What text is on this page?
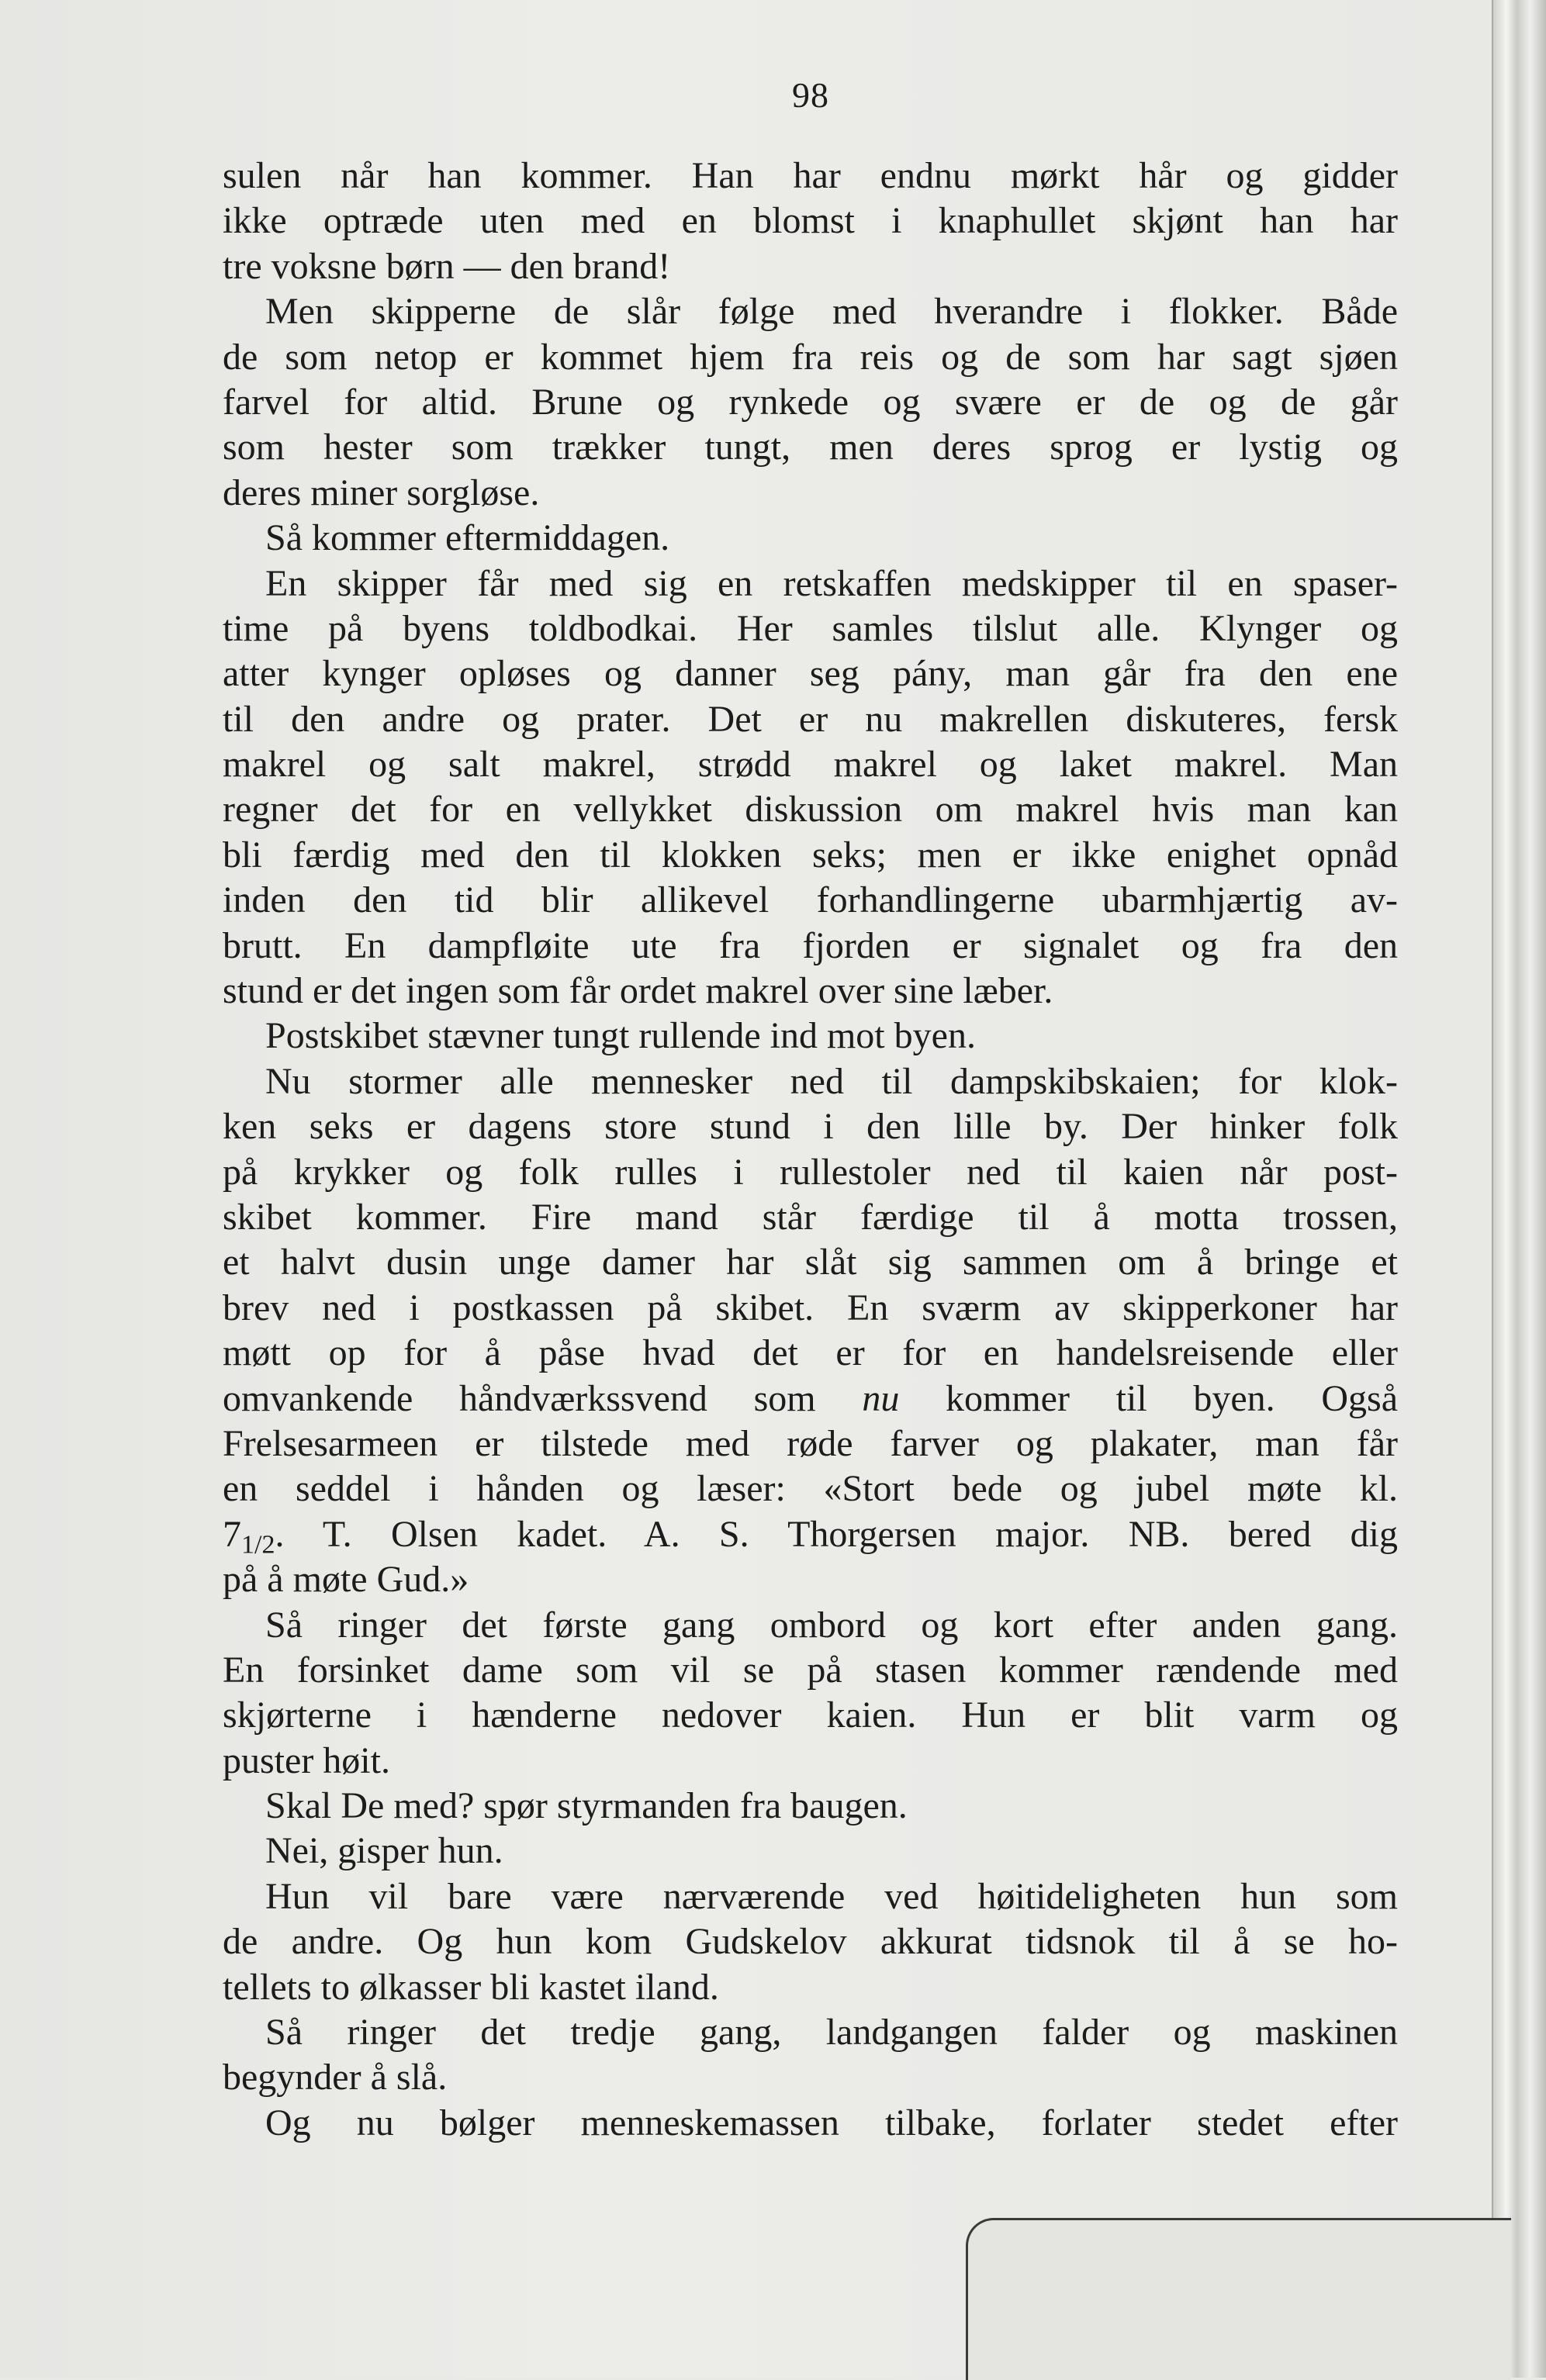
98
sulen når han kommer. Han har endnu mørkt hår og gidder
ikke optræde uten med en blomst i knaphullet skjønt han har
tre voksne børn — den brand!
Men skipperne de slår følge med hverandre i flokker. Både
de som netop er kommet hjem fra reis og de som har sagt sjøen
farvel for altid. Brune og rynkede og svære er de og de går
som hester som trækker tungt, men deres sprog er lystig og
deres miner sorgløse.
Så kommer eftermiddagen.
En skipper får med sig en retskaffen medskipper til en spaser-
time på byens toldbodkai. Her samles tilslut alle. Klynger og
atter kynger opløses og danner seg pány, man går fra den ene
til den andre og prater. Det er nu makrellen diskuteres, fersk
makrel og salt makrel, strødd makrel og laket makrel. Man
regner det for en vellykket diskussion om makrel hvis man kan
bli færdig med den til klokken seks; men er ikke enighet opnåd
inden den tid blir allikevel forhandlingerne ubarmhjærtig av-
brutt. En dampfløite ute fra fjorden er signalet og fra den
stund er det ingen som får ordet makrel over sine læber.
Postskibet stævner tungt rullende ind mot byen.
Nu stormer alle mennesker ned til dampskibskaien; for klok-
ken seks er dagens store stund i den lille by. Der hinker folk
på krykker og folk rulles i rullestoler ned til kaien når post-
skibet kommer. Fire mand står færdige til å motta trossen,
et halvt dusin unge damer har slåt sig sammen om å bringe et
brev ned i postkassen på skibet. En sværm av skipperkoner har
møtt op for å påse hvad det er for en handelsreisende eller
omvankende håndværkssvend som nu kommer til byen. Også
Frelsesarmeen er tilstede med røde farver og plakater, man får
en seddel i hånden og læser: «Stort bede og jubel møte kl.
71/2. T. Olsen kadet. A. S. Thorgersen major. NB. bered dig
på å møte Gud.»
Så ringer det første gang ombord og kort efter anden gang.
En forsinket dame som vil se på stasen kommer rændende med
skjørterne i hænderne nedover kaien. Hun er blit varm og
puster høit.
Skal De med? spør styrmanden fra baugen.
Nei, gisper hun.
Hun vil bare være nærværende ved høitideligheten hun som
de andre. Og hun kom Gudskelov akkurat tidsnok til å se ho-
tellets to ølkasser bli kastet iland.
Så ringer det tredje gang, landgangen falder og maskinen
begynder å slå.
Og nu bølger menneskemassen tilbake, forlater stedet efter
